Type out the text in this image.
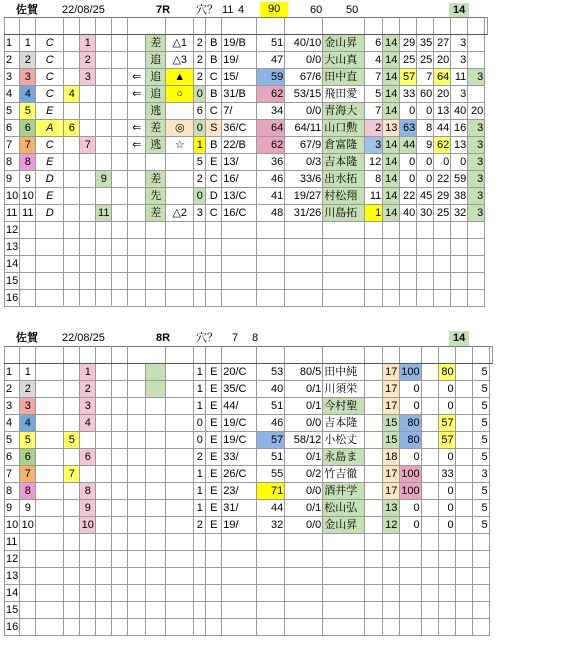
佐賀 22/08/25	7R 穴？ 11 4	90	60 50	14

1	1	C		1				差	△1	2	B	19/B	51	40/10	金山昇	6	14	29	35	27	3		
2	2	C		2				追	△3	2	B	19/	47	0/0	大山真	4	14	25	25	20	3		
3	3	C		3			⇐	追	▲	2	C	15/	59	67/6	田中直	7	14	57	7	64	11	3	
4	4	C	4				⇐	追	○	0	B	31/B	62	53/15	飛田愛	5	14	33	60	20	3		
5	5	E						逃		6	C	7/	34	0/0	青海大	7	14	0	0	13	40	20	
6	6	A	6				⇐	差	◎	0	S	36/C	64	64/11	山口勲	2	13	63	8	44	16	3	
7	7	C		7			⇐	逃	☆	1	B	22/B	62	67/9	倉富隆	3	14	44	9	62	13	3	
8	8	E								5	E	13/	36	0/3	吉本隆	12	14	0	0	0	0	3	
9	9	D			9			差		2	C	16/	46	33/6	出水拓	8	14	0	0	22	59	3	
10	10	E						先		0	D	13/C	41	19/27	村松翔	11	14	22	45	29	38	3	
11	11	D			11			差	△2	3	C	16/C	48	31/26	川島拓	1	14	40	30	25	32	3	
12																							
13																							
14																							
15																							
16																							
佐賀 22/08/25	8R 穴？ 7 8	14

1	1			1						1	E	20/C	53	80/5	田中純		17	100		80		5	
2	2			2						1	E	35/C	40	0/1	川須栄		17	0		0		5	
3	3			3						1	E	44/	51	0/1	今村聖		17	0		0		5	
4	4			4						0	E	19/C	46	0/0	吉本隆		15	80		57		5	
5	5		5							0	E	19/C	57	58/12	小松丈		15	80		57		5	
6	6			6						2	E	33/	51	0/1	永島ま		18	0		0		5	
7	7		7							1	E	26/C	55	0/2	竹吉徹		17	100		33		3	
8	8			8						1	E	23/	71	0/0	酒井学		17	100		0		5	
9	9			9						1	E	31/	44	0/1	松山弘		13	0		0		5	
10	10			10						2	E	19/	32	0/0	金山昇		12	0		0		5	
11																							
12																							
13																							
14																							
15																							
16																							
